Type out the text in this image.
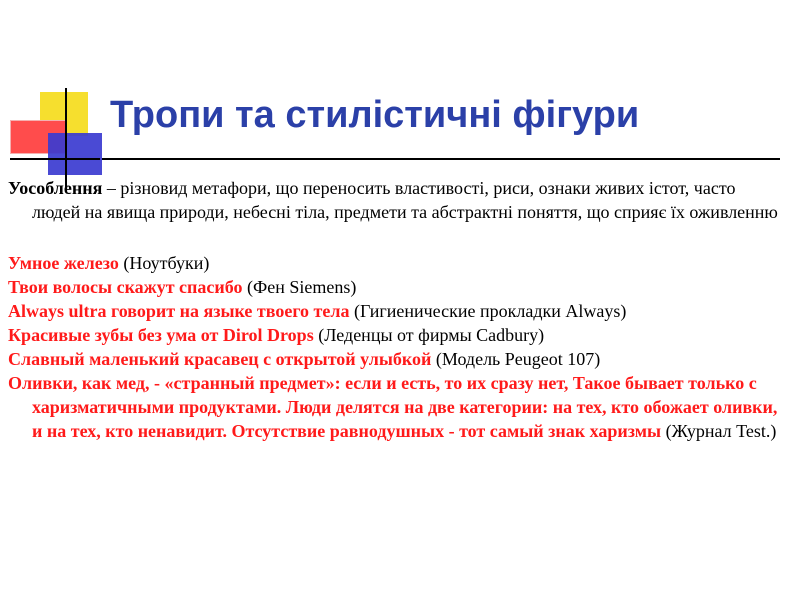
Тропи та стилістичні фігури

Уособлення – різновид метафори, що переносить властивості, риси, ознаки живих істот, часто людей на явища природи, небесні тіла, предмети та абстрактні поняття, що сприяє їх оживленню

Умное железо (Ноутбуки)

Твои волосы скажут спасибо (Фен Siemens)

Always ultra говорит на языке твоего тела (Гигиенические прокладки Always)

Красивые зубы без ума от Dirol Drops (Леденцы от фирмы Cadbury)

Славный маленький красавец с открытой улыбкой (Модель Peugeot 107)

Оливки, как мед, - «странный предмет»: если и есть, то их сразу нет, Такое бывает только с харизматичными продуктами. Люди делятся на две категории: на тех, кто обожает оливки, и на тех, кто ненавидит. Отсутствие равнодушных - тот самый знак харизмы (Журнал Test.)
